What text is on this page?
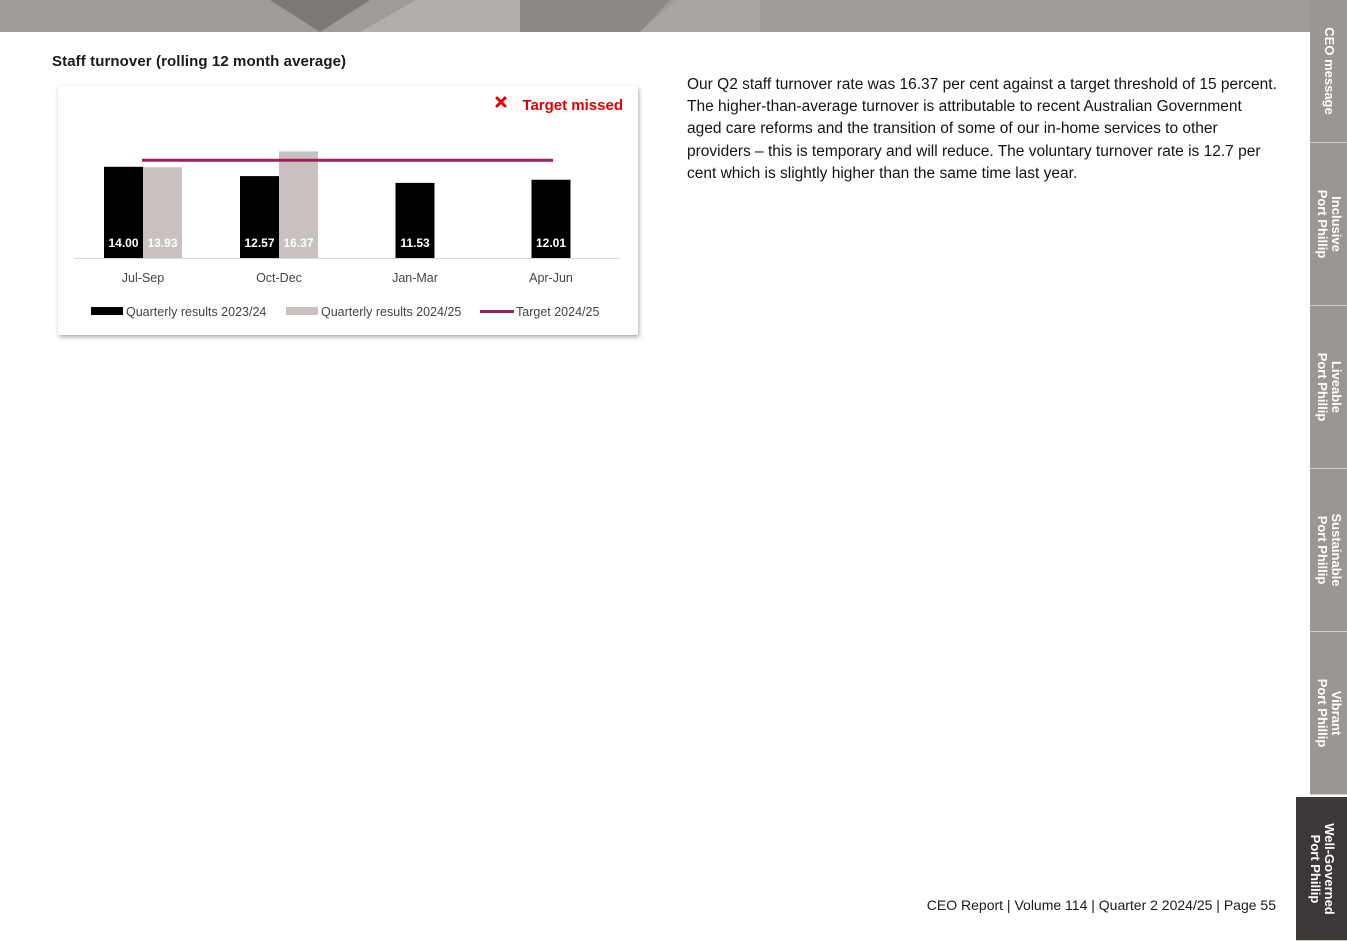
Staff turnover (rolling 12 month average)
14.00 13.93
Jul-Sep
12.57 16.37
Oct-Dec
11.53
Jan-Mar
12.01
Apr-Jun
Target missed
Quarterly results 2023/24	Quarterly results 2024/25	Target 2024/25

Our Q2 staff turnover rate was 16.37 per cent against a target threshold of 15 percent. The higher-than-average turnover is attributable to recent Australian Government aged care reforms and the transition of some of our in-home services to other providers – this is temporary and will reduce. The voluntary turnover rate is 12.7 per cent which is slightly higher than the same time last year.

CEO Report | Volume 114 | Quarter 2 2024/25 | Page 55
CEO message
Inclusive
Port Phillip
Liveable
Port Phillip
Sustainable
Port Phillip
Vibrant
Port Phillip
Well-Governed
Port Phillip
